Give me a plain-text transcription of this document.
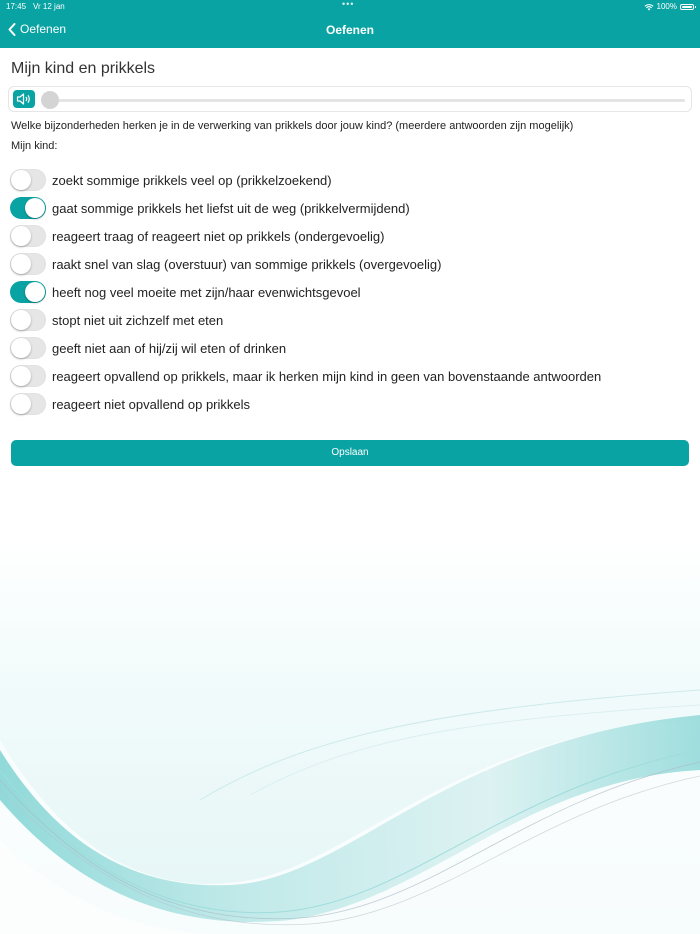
17:45 Vr 12 jan	•••	100%
Oefenen	Oefenen
Mijn kind en prikkels
Welke bijzonderheden herken je in de verwerking van prikkels door jouw kind? (meerdere antwoorden zijn mogelijk)
Mijn kind:
zoekt sommige prikkels veel op (prikkelzoekend)
gaat sommige prikkels het liefst uit de weg (prikkelvermijdend)
reageert traag of reageert niet op prikkels (ondergevoelig)
raakt snel van slag (overstuur) van sommige prikkels (overgevoelig)
heeft nog veel moeite met zijn/haar evenwichtsgevoel
stopt niet uit zichzelf met eten
geeft niet aan of hij/zij wil eten of drinken
reageert opvallend op prikkels, maar ik herken mijn kind in geen van bovenstaande antwoorden
reageert niet opvallend op prikkels
Opslaan
